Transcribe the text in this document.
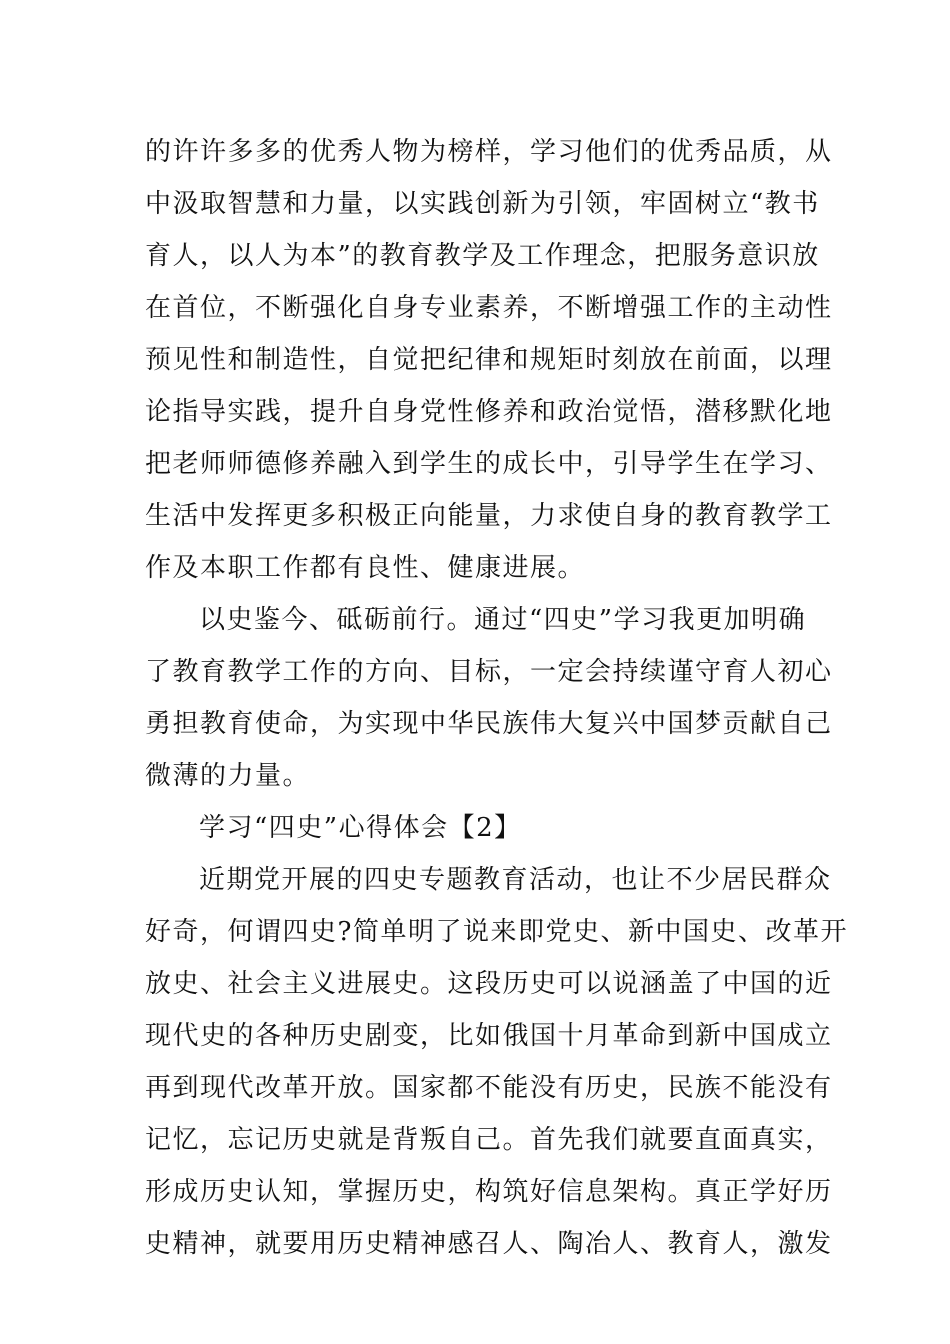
的许许多多的优秀人物为榜样，学习他们的优秀品质，从
中汲取智慧和力量，以实践创新为引领，牢固树立“教书
育人，以人为本”的教育教学及工作理念，把服务意识放
在首位，不断强化自身专业素养，不断增强工作的主动性
预见性和制造性，自觉把纪律和规矩时刻放在前面，以理
论指导实践，提升自身党性修养和政治觉悟，潜移默化地
把老师师德修养融入到学生的成长中，引导学生在学习、
生活中发挥更多积极正向能量，力求使自身的教育教学工
作及本职工作都有良性、健康进展。
以史鉴今、砥砺前行。通过“四史”学习我更加明确
了教育教学工作的方向、目标，一定会持续谨守育人初心
勇担教育使命，为实现中华民族伟大复兴中国梦贡献自己
微薄的力量。
学习“四史”心得体会【2】
近期党开展的四史专题教育活动，也让不少居民群众
好奇，何谓四史?简单明了说来即党史、新中国史、改革开
放史、社会主义进展史。这段历史可以说涵盖了中国的近
现代史的各种历史剧变，比如俄国十月革命到新中国成立
再到现代改革开放。国家都不能没有历史，民族不能没有
记忆，忘记历史就是背叛自己。首先我们就要直面真实，
形成历史认知，掌握历史，构筑好信息架构。真正学好历
史精神，就要用历史精神感召人、陶冶人、教育人，激发
